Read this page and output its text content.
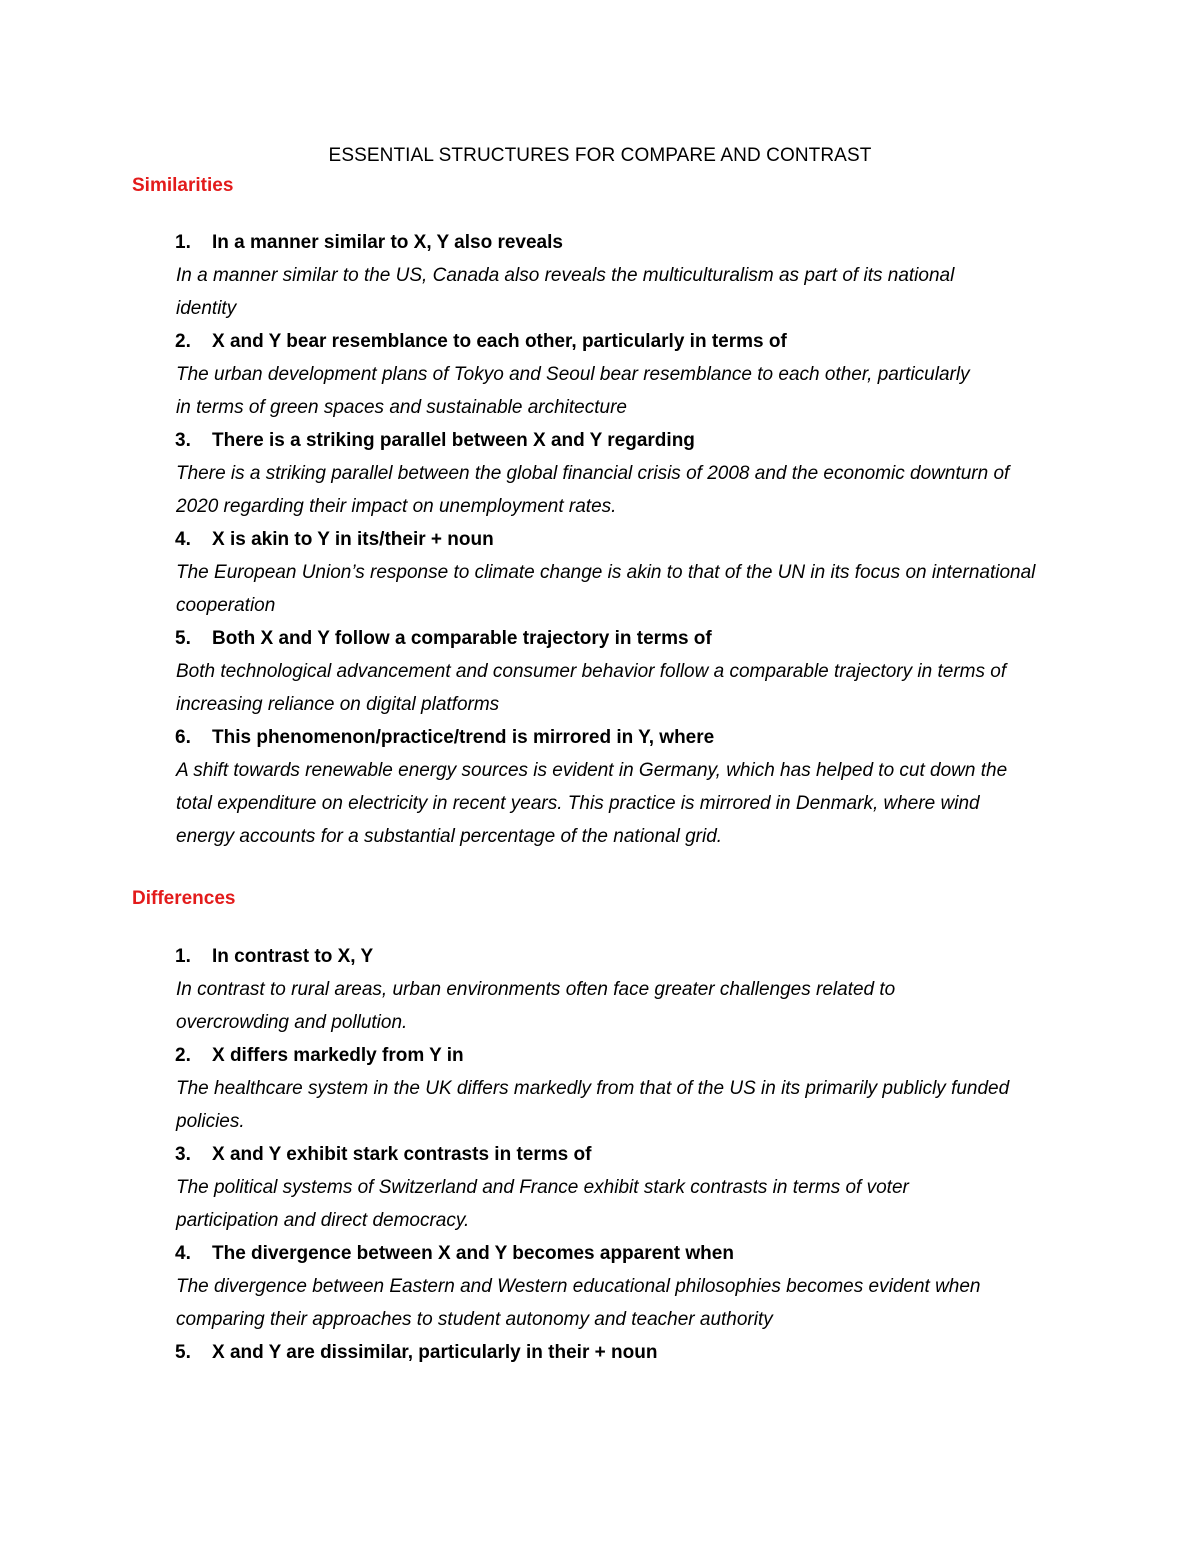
ESSENTIAL STRUCTURES FOR COMPARE AND CONTRAST
Similarities
1. In a manner similar to X, Y also reveals

In a manner similar to the US, Canada also reveals the multiculturalism as part of its national identity

2. X and Y bear resemblance to each other, particularly in terms of

The urban development plans of Tokyo and Seoul bear resemblance to each other, particularly in terms of green spaces and sustainable architecture

3. There is a striking parallel between X and Y regarding

There is a striking parallel between the global financial crisis of 2008 and the economic downturn of 2020 regarding their impact on unemployment rates.

4. X is akin to Y in its/their + noun

The European Union’s response to climate change is akin to that of the UN in its focus on international cooperation

5. Both X and Y follow a comparable trajectory in terms of

Both technological advancement and consumer behavior follow a comparable trajectory in terms of increasing reliance on digital platforms

6. This phenomenon/practice/trend is mirrored in Y, where

A shift towards renewable energy sources is evident in Germany, which has helped to cut down the total expenditure on electricity in recent years. This practice is mirrored in Denmark, where wind energy accounts for a substantial percentage of the national grid.

Differences
1. In contrast to X, Y

In contrast to rural areas, urban environments often face greater challenges related to overcrowding and pollution.

2. X differs markedly from Y in

The healthcare system in the UK differs markedly from that of the US in its primarily publicly funded policies.

3. X and Y exhibit stark contrasts in terms of

The political systems of Switzerland and France exhibit stark contrasts in terms of voter participation and direct democracy.

4. The divergence between X and Y becomes apparent when

The divergence between Eastern and Western educational philosophies becomes evident when comparing their approaches to student autonomy and teacher authority

5. X and Y are dissimilar, particularly in their + noun
